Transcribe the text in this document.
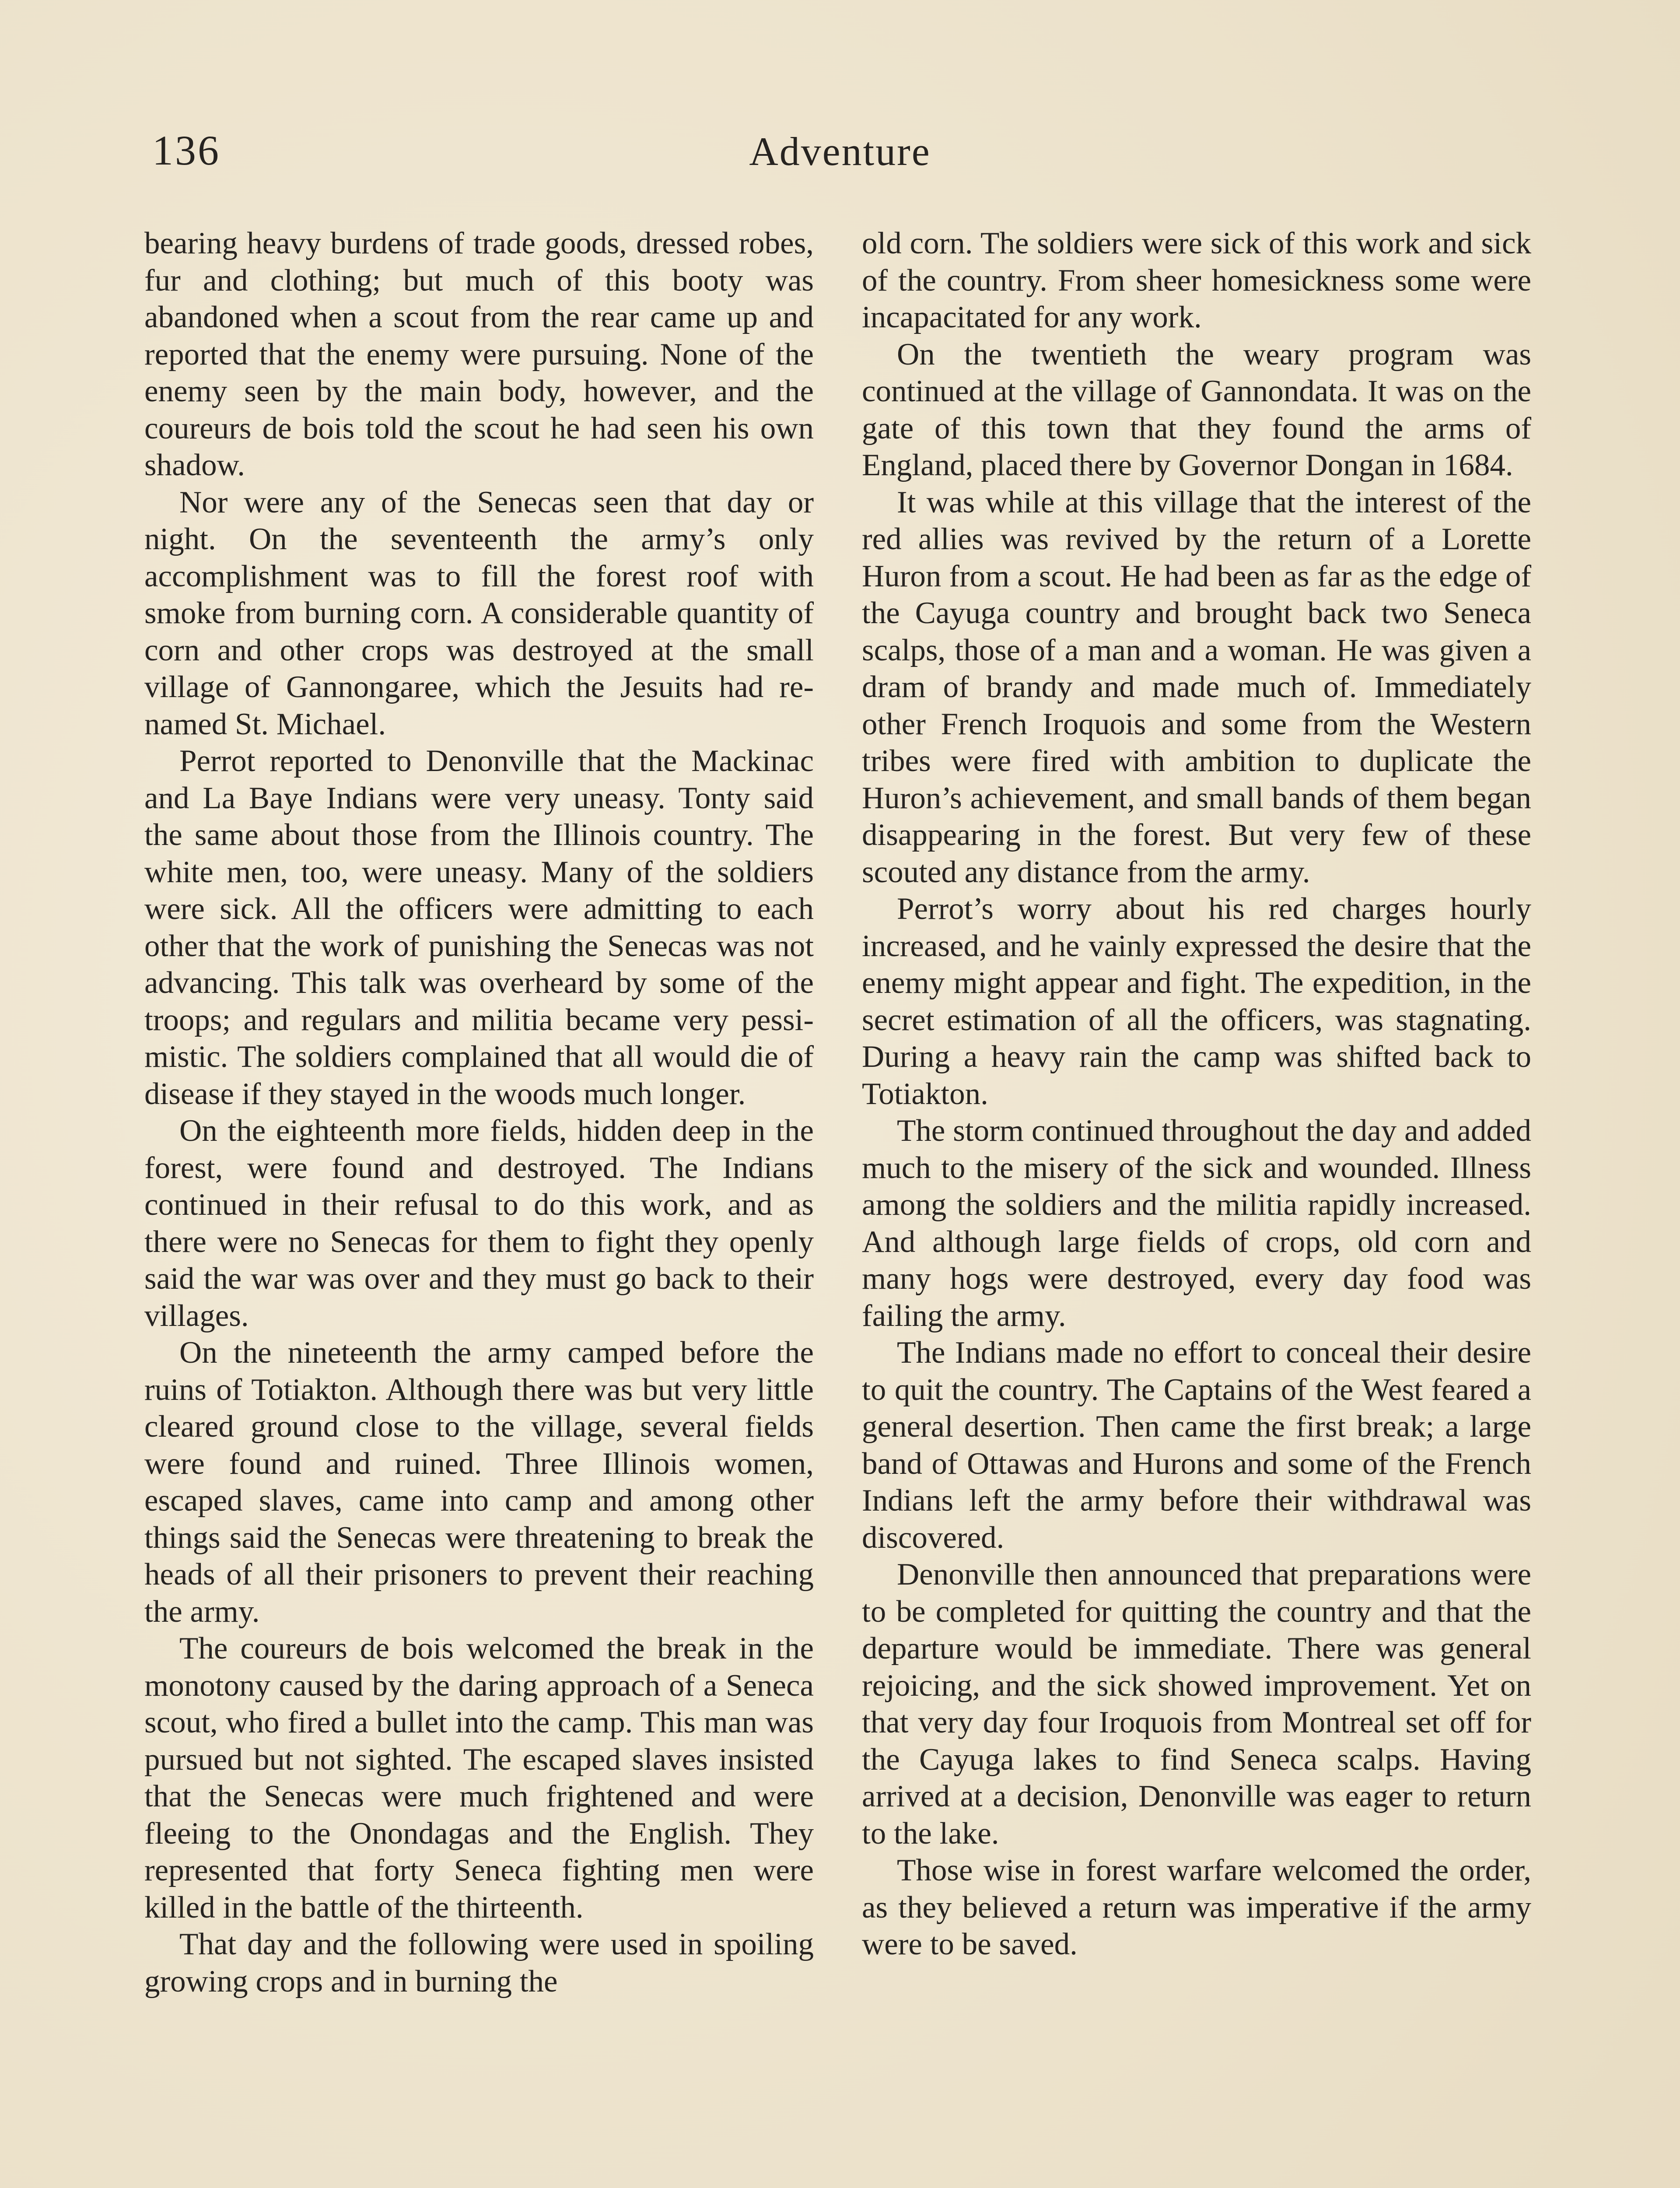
136	Adventure

bearing heavy burdens of trade goods, dressed robes, fur and clothing; but much of this booty was abandoned when a scout from the rear came up and reported that the enemy were pursuing. None of the enemy seen by the main body, however, and the coureurs de bois told the scout he had seen his own shadow.

Nor were any of the Senecas seen that day or night. On the seventeenth the army’s only accomplishment was to fill the forest roof with smoke from burning corn. A considerable quantity of corn and other crops was destroyed at the small village of Gannongaree, which the Jesuits had renamed St. Michael.

Perrot reported to Denonville that the Mackinac and La Baye Indians were very uneasy. Tonty said the same about those from the Illinois country. The white men, too, were uneasy. Many of the soldiers were sick. All the officers were admitting to each other that the work of punishing the Senecas was not advancing. This talk was overheard by some of the troops; and regulars and militia became very pessimistic. The soldiers complained that all would die of disease if they stayed in the woods much longer.

On the eighteenth more fields, hidden deep in the forest, were found and destroyed. The Indians continued in their refusal to do this work, and as there were no Senecas for them to fight they openly said the war was over and they must go back to their villages.

On the nineteenth the army camped before the ruins of Totiakton. Although there was but very little cleared ground close to the village, several fields were found and ruined. Three Illinois women, escaped slaves, came into camp and among other things said the Senecas were threatening to break the heads of all their prisoners to prevent their reaching the army.

The coureurs de bois welcomed the break in the monotony caused by the daring approach of a Seneca scout, who fired a bullet into the camp. This man was pursued but not sighted. The escaped slaves insisted that the Senecas were much frightened and were fleeing to the Onondagas and the English. They represented that forty Seneca fighting men were killed in the battle of the thirteenth.

That day and the following were used in spoiling growing crops and in burning the

old corn. The soldiers were sick of this work and sick of the country. From sheer homesickness some were incapacitated for any work.

On the twentieth the weary program was continued at the village of Gannondata. It was on the gate of this town that they found the arms of England, placed there by Governor Dongan in 1684.

It was while at this village that the interest of the red allies was revived by the return of a Lorette Huron from a scout. He had been as far as the edge of the Cayuga country and brought back two Seneca scalps, those of a man and a woman. He was given a dram of brandy and made much of. Immediately other French Iroquois and some from the Western tribes were fired with ambition to duplicate the Huron’s achievement, and small bands of them began disappearing in the forest. But very few of these scouted any distance from the army.

Perrot’s worry about his red charges hourly increased, and he vainly expressed the desire that the enemy might appear and fight. The expedition, in the secret estimation of all the officers, was stagnating. During a heavy rain the camp was shifted back to Totiakton.

The storm continued throughout the day and added much to the misery of the sick and wounded. Illness among the soldiers and the militia rapidly increased. And although large fields of crops, old corn and many hogs were destroyed, every day food was failing the army.

The Indians made no effort to conceal their desire to quit the country. The Captains of the West feared a general desertion. Then came the first break; a large band of Ottawas and Hurons and some of the French Indians left the army before their withdrawal was discovered.

Denonville then announced that preparations were to be completed for quitting the country and that the departure would be immediate. There was general rejoicing, and the sick showed improvement. Yet on that very day four Iroquois from Montreal set off for the Cayuga lakes to find Seneca scalps. Having arrived at a decision, Denonville was eager to return to the lake.

Those wise in forest warfare welcomed the order, as they believed a return was imperative if the army were to be saved.
